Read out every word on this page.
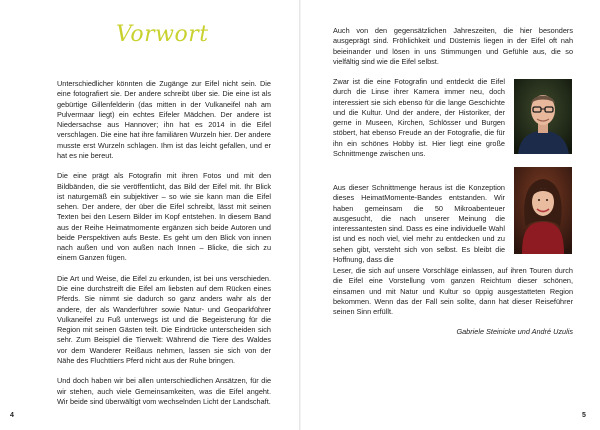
Vorwort

Unterschiedlicher könnten die Zugänge zur Eifel nicht sein. Die eine fotografiert sie. Der andere schreibt über sie. Die eine ist als gebürtige Gillenfelderin (das mitten in der Vulkaneifel nah am Pulvermaar liegt) ein echtes Eifeler Mädchen. Der andere ist Niedersachse aus Hannover; ihn hat es 2014 in die Eifel verschlagen. Die eine hat ihre familiären Wurzeln hier. Der andere musste erst Wurzeln schlagen. Ihm ist das leicht gefallen, und er hat es nie bereut.

Die eine prägt als Fotografin mit ihren Fotos und mit den Bildbänden, die sie veröffentlicht, das Bild der Eifel mit. Ihr Blick ist naturgemäß ein subjektiver – so wie sie kann man die Eifel sehen. Der andere, der über die Eifel schreibt, lässt mit seinen Texten bei den Lesern Bilder im Kopf entstehen. In diesem Band aus der Reihe Heimatmomente ergänzen sich beide Autoren und beide Perspektiven aufs Beste. Es geht um den Blick von innen nach außen und von außen nach Innen – Blicke, die sich zu einem Ganzen fügen.

Die Art und Weise, die Eifel zu erkunden, ist bei uns verschieden. Die eine durchstreift die Eifel am liebsten auf dem Rücken eines Pferds. Sie nimmt sie dadurch so ganz anders wahr als der andere, der als Wanderführer sowie Natur- und Geoparkführer Vulkaneifel zu Fuß unterwegs ist und die Begeisterung für die Region mit seinen Gästen teilt. Die Eindrücke unterscheiden sich sehr. Zum Beispiel die Tierwelt: Während die Tiere des Waldes vor dem Wanderer Reißaus nehmen, lassen sie sich von der Nähe des Fluchttiers Pferd nicht aus der Ruhe bringen.

Und doch haben wir bei allen unterschiedlichen Ansätzen, für die wir stehen, auch viele Gemeinsamkeiten, was die Eifel angeht. Wir beide sind überwältigt vom wechselnden Licht der Landschaft.

Auch von den gegensätzlichen Jahreszeiten, die hier besonders ausgeprägt sind. Fröhlichkeit und Düsternis liegen in der Eifel oft nah beieinander und lösen in uns Stimmungen und Gefühle aus, die so vielfältig sind wie die Eifel selbst.

Zwar ist die eine Fotografin und entdeckt die Eifel durch die Linse ihrer Kamera immer neu, doch interessiert sie sich ebenso für die lange Geschichte und die Kultur. Und der andere, der Historiker, der gerne in Museen, Kirchen, Schlösser und Burgen stöbert, hat ebenso Freude an der Fotografie, die für ihn ein schönes Hobby ist. Hier liegt eine große Schnittmenge zwischen uns.

Aus dieser Schnittmenge heraus ist die Konzeption dieses HeimatMomente-Bandes entstanden. Wir haben gemeinsam die 50 Mikroabenteuer ausgesucht, die nach unserer Meinung die interessantesten sind. Dass es eine individuelle Wahl ist und es noch viel, viel mehr zu entdecken und zu sehen gibt, versteht sich von selbst. Es bleibt die Hoffnung, dass die

Leser, die sich auf unsere Vorschläge einlassen, auf ihren Touren durch die Eifel eine Vorstellung vom ganzen Reichtum dieser schönen, einsamen und mit Natur und Kultur so üppig ausgestatteten Region bekommen. Wenn das der Fall sein sollte, dann hat dieser Reiseführer seinen Sinn erfüllt.

Gabriele Steinicke und André Uzulis
4	5
